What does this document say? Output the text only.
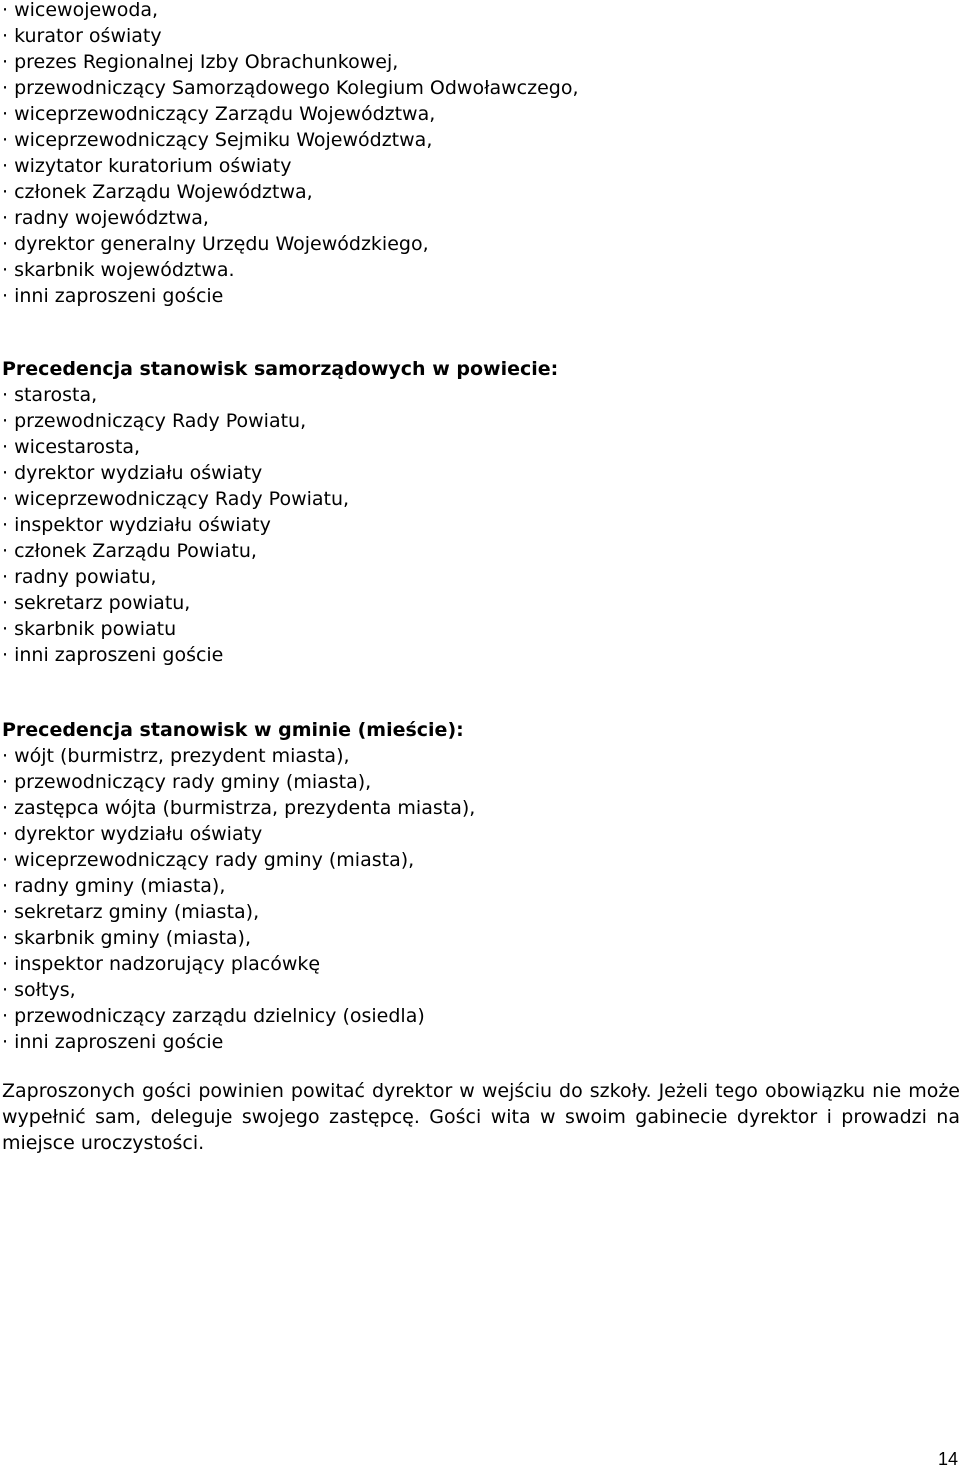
· wicewojewoda,
· kurator oświaty
· prezes Regionalnej Izby Obrachunkowej,
· przewodniczący Samorządowego Kolegium Odwoławczego,
· wiceprzewodniczący Zarządu Województwa,
· wiceprzewodniczący Sejmiku Województwa,
· wizytator kuratorium oświaty
· członek Zarządu Województwa,
· radny województwa,
· dyrektor generalny Urzędu Wojewódzkiego,
· skarbnik województwa.
· inni zaproszeni goście
Precedencja stanowisk samorządowych w powiecie:
· starosta,
· przewodniczący Rady Powiatu,
· wicestarosta,
· dyrektor wydziału oświaty
· wiceprzewodniczący Rady Powiatu,
· inspektor wydziału oświaty
· członek Zarządu Powiatu,
· radny powiatu,
· sekretarz powiatu,
· skarbnik powiatu
· inni zaproszeni goście
Precedencja stanowisk w gminie (mieście):
· wójt (burmistrz, prezydent miasta),
· przewodniczący rady gminy (miasta),
· zastępca wójta (burmistrza, prezydenta miasta),
· dyrektor wydziału oświaty
· wiceprzewodniczący rady gminy (miasta),
· radny gminy (miasta),
· sekretarz gminy (miasta),
· skarbnik gminy (miasta),
· inspektor nadzorujący placówkę
· sołtys,
· przewodniczący zarządu dzielnicy (osiedla)
· inni zaproszeni goście

Zaproszonych gości powinien powitać dyrektor w wejściu do szkoły. Jeżeli tego obowiązku nie może wypełnić sam, deleguje swojego zastępcę. Gości wita w swoim gabinecie dyrektor i prowadzi na miejsce uroczystości.

14
